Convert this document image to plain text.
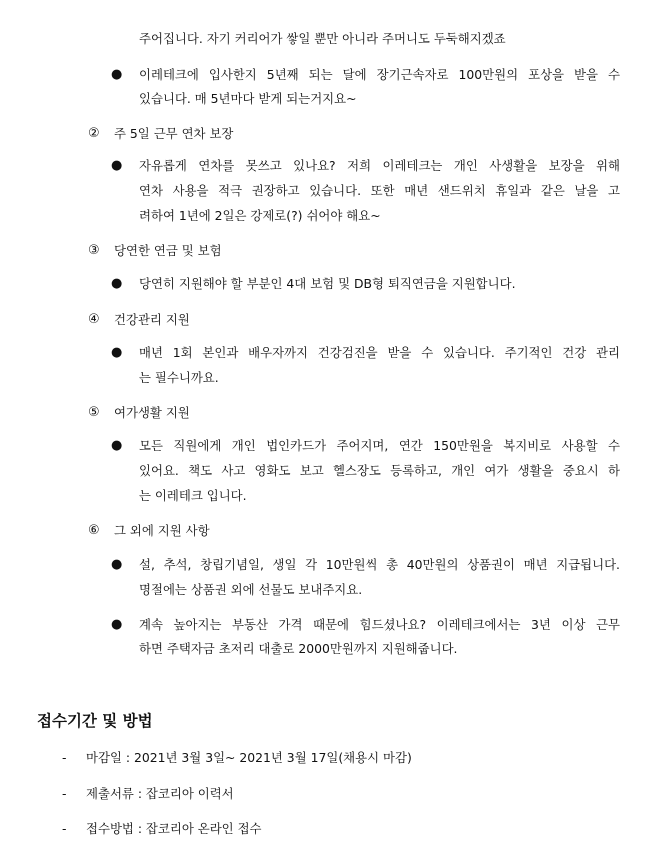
주어집니다. 자기 커리어가 쌓일 뿐만 아니라 주머니도 두둑해지겠죠
● 이레테크에 입사한지 5년째 되는 달에 장기근속자로 100만원의 포상을 받을 수
있습니다. 매 5년마다 받게 되는거지요~
② 주 5일 근무 연차 보장
● 자유롭게 연차를 못쓰고 있나요? 저희 이레테크는 개인 사생활을 보장을 위해
연차 사용을 적극 권장하고 있습니다. 또한 매년 샌드위치 휴일과 같은 날을 고
려하여 1년에 2일은 강제로(?) 쉬어야 해요~
③ 당연한 연금 및 보험
● 당연히 지원해야 할 부분인 4대 보험 및 DB형 퇴직연금을 지원합니다.
④ 건강관리 지원
● 매년 1회 본인과 배우자까지 건강검진을 받을 수 있습니다. 주기적인 건강 관리
는 필수니까요.
⑤ 여가생활 지원
● 모든 직원에게 개인 법인카드가 주어지며, 연간 150만원을 복지비로 사용할 수
있어요. 책도 사고 영화도 보고 헬스장도 등록하고, 개인 여가 생활을 중요시 하
는 이레테크 입니다.
⑥ 그 외에 지원 사항
● 설, 추석, 창립기념일, 생일 각 10만원씩 총 40만원의 상품권이 매년 지급됩니다.
명절에는 상품권 외에 선물도 보내주지요.
● 계속 높아지는 부동산 가격 때문에 힘드셨나요? 이레테크에서는 3년 이상 근무
하면 주택자금 초저리 대출로 2000만원까지 지원해줍니다.
접수기간 및 방법
- 마감일 : 2021년 3월 3일~ 2021년 3월 17일(채용시 마감)
- 제출서류 : 잡코리아 이력서
- 접수방법 : 잡코리아 온라인 접수
